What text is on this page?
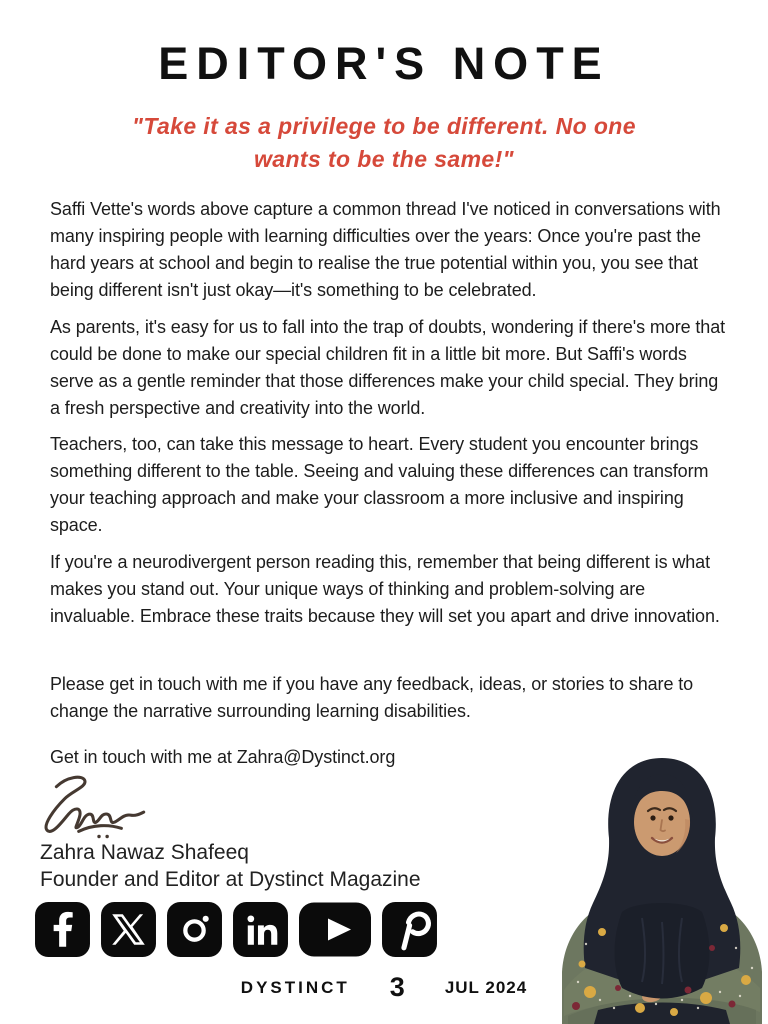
EDITOR'S NOTE
"Take it as a privilege to be different. No one
wants to be the same!"

Saffi Vette's words above capture a common thread I've noticed in conversations with many inspiring people with learning difficulties over the years: Once you're past the hard years at school and begin to realise the true potential within you, you see that being different isn't just okay—it's something to be celebrated.

As parents, it's easy for us to fall into the trap of doubts, wondering if there's more that could be done to make our special children fit in a little bit more. But Saffi's words serve as a gentle reminder that those differences make your child special. They bring a fresh perspective and creativity into the world.

Teachers, too, can take this message to heart. Every student you encounter brings something different to the table. Seeing and valuing these differences can transform your teaching approach and make your classroom a more inclusive and inspiring space.

If you're a neurodivergent person reading this, remember that being different is what makes you stand out. Your unique ways of thinking and problem-solving are invaluable. Embrace these traits because they will set you apart and drive innovation.

Please get in touch with me if you have any feedback, ideas, or stories to share to change the narrative surrounding learning disabilities.

Get in touch with me at Zahra@Dystinct.org

Zahra Nawaz Shafeeq
Founder and Editor at Dystinct Magazine
DYSTINCT 3 JUL 2024
